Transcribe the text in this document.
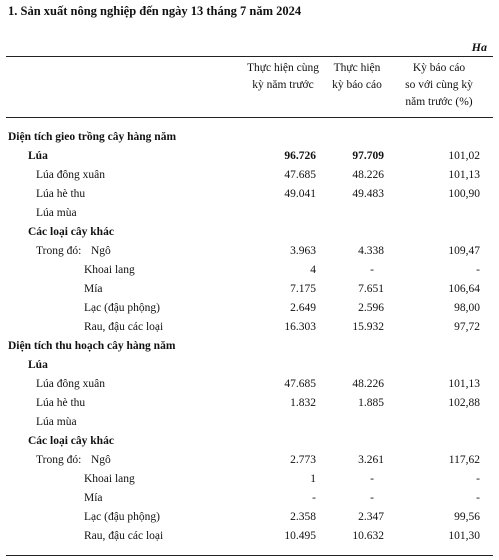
1. Sản xuất nông nghiệp đến ngày 13 tháng 7 năm 2024
Ha
Thực hiện cùng
kỳ năm trước
Thực hiện
kỳ báo cáo
Kỳ báo cáo
so với cùng kỳ
năm trước (%)
Diện tích gieo trồng cây hàng năm
Lúa	96.726	97.709	101,02
Lúa đông xuân	47.685	48.226	101,13
Lúa hè thu	49.041	49.483	100,90
Lúa mùa
Các loại cây khác
Trong đó: Ngô	3.963	4.338	109,47
Khoai lang	4	-	-
Mía	7.175	7.651	106,64
Lạc (đậu phộng)	2.649	2.596	98,00
Rau, đậu các loại	16.303	15.932	97,72
Diện tích thu hoạch cây hàng năm
Lúa
Lúa đông xuân	47.685	48.226	101,13
Lúa hè thu	1.832	1.885	102,88
Lúa mùa
Các loại cây khác
Trong đó: Ngô	2.773	3.261	117,62
Khoai lang	1	-	-
Mía	-	-	-
Lạc (đậu phộng)	2.358	2.347	99,56
Rau, đậu các loại	10.495	10.632	101,30
